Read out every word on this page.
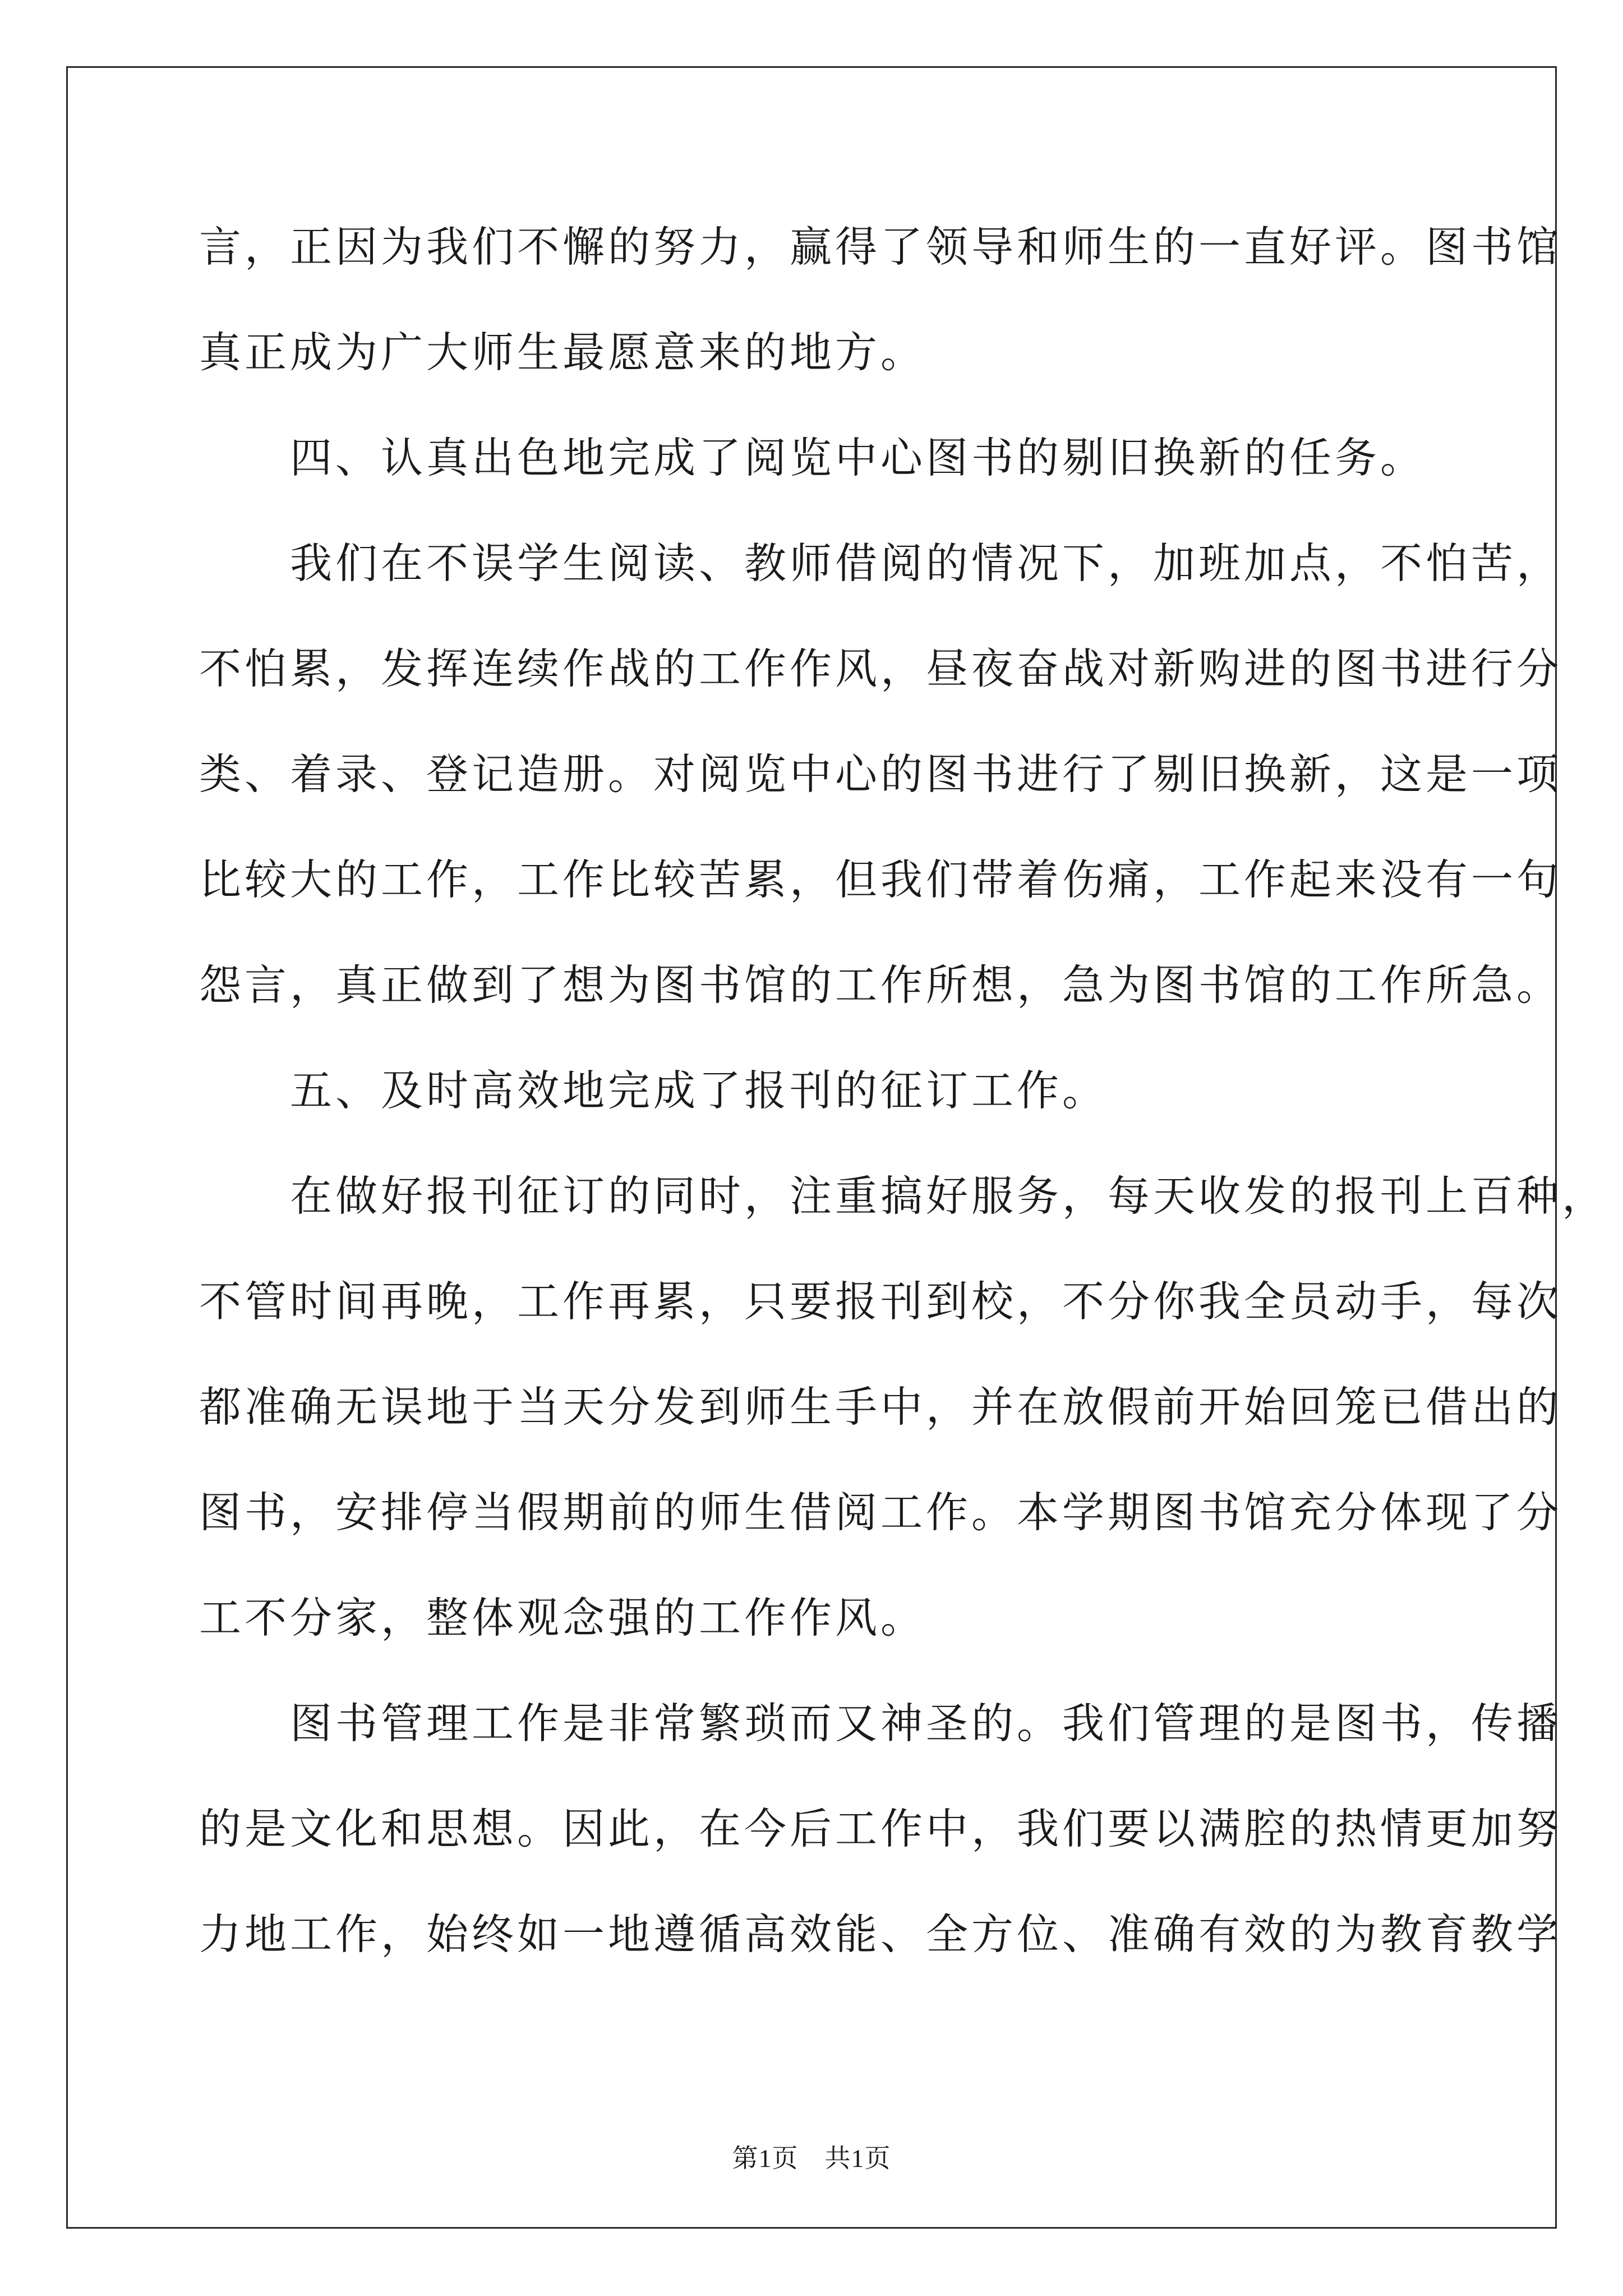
言，正因为我们不懈的努力，赢得了领导和师生的一直好评。图书馆
真正成为广大师生最愿意来的地方。
　　四、认真出色地完成了阅览中心图书的剔旧换新的任务。
　　我们在不误学生阅读、教师借阅的情况下，加班加点，不怕苦，
不怕累，发挥连续作战的工作作风，昼夜奋战对新购进的图书进行分
类、着录、登记造册。对阅览中心的图书进行了剔旧换新，这是一项
比较大的工作，工作比较苦累，但我们带着伤痛，工作起来没有一句
怨言，真正做到了想为图书馆的工作所想，急为图书馆的工作所急。
　　五、及时高效地完成了报刊的征订工作。
　　在做好报刊征订的同时，注重搞好服务，每天收发的报刊上百种，
不管时间再晚，工作再累，只要报刊到校，不分你我全员动手，每次
都准确无误地于当天分发到师生手中，并在放假前开始回笼已借出的
图书，安排停当假期前的师生借阅工作。本学期图书馆充分体现了分
工不分家，整体观念强的工作作风。
　　图书管理工作是非常繁琐而又神圣的。我们管理的是图书，传播
的是文化和思想。因此，在今后工作中，我们要以满腔的热情更加努
力地工作，始终如一地遵循高效能、全方位、准确有效的为教育教学
第1页　共1页
